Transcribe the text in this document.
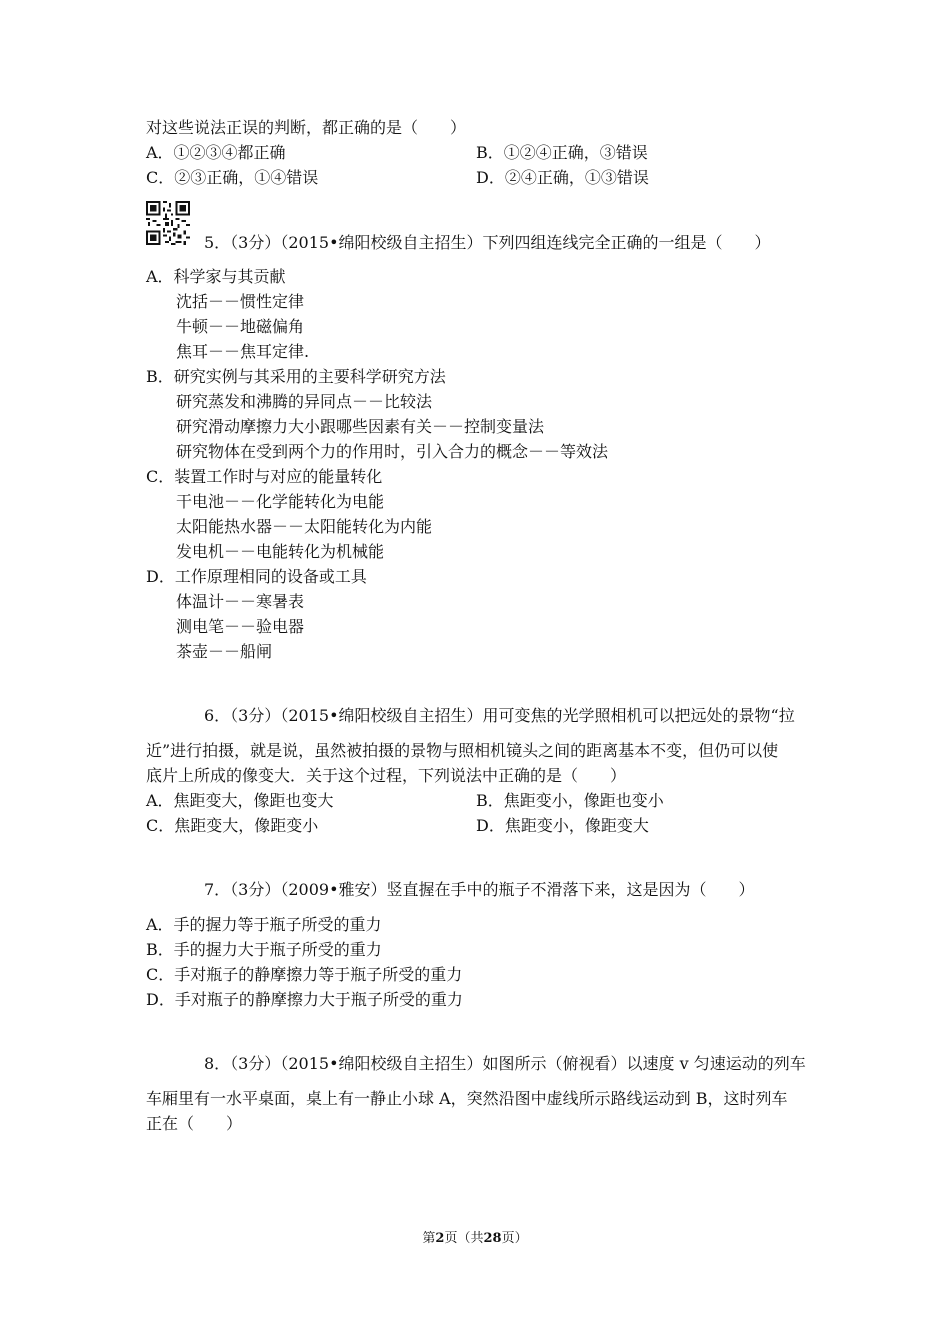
对这些说法正误的判断，都正确的是（　　）
A．①②③④都正确	B．①②④正确，③错误
C．②③正确，①④错误	D．②④正确，①③错误
5．（3分）（2015•绵阳校级自主招生）下列四组连线完全正确的一组是（　　）
A．科学家与其贡献
沈括－－惯性定律
牛顿－－地磁偏角
焦耳－－焦耳定律.
B．研究实例与其采用的主要科学研究方法
研究蒸发和沸腾的异同点－－比较法
研究滑动摩擦力大小跟哪些因素有关－－控制变量法
研究物体在受到两个力的作用时，引入合力的概念－－等效法
C．装置工作时与对应的能量转化
干电池－－化学能转化为电能
太阳能热水器－－太阳能转化为内能
发电机－－电能转化为机械能
D．工作原理相同的设备或工具
体温计－－寒暑表
测电笔－－验电器
茶壶－－船闸
6．（3分）（2015•绵阳校级自主招生）用可变焦的光学照相机可以把远处的景物“拉
近”进行拍摄，就是说，虽然被拍摄的景物与照相机镜头之间的距离基本不变，但仍可以使
底片上所成的像变大．关于这个过程，下列说法中正确的是（　　）
A．焦距变大，像距也变大	B．焦距变小，像距也变小
C．焦距变大，像距变小	D．焦距变小，像距变大
7．（3分）（2009•雅安）竖直握在手中的瓶子不滑落下来，这是因为（　　）
A．手的握力等于瓶子所受的重力
B．手的握力大于瓶子所受的重力
C．手对瓶子的静摩擦力等于瓶子所受的重力
D．手对瓶子的静摩擦力大于瓶子所受的重力
8．（3分）（2015•绵阳校级自主招生）如图所示（俯视看）以速度 v 匀速运动的列车
车厢里有一水平桌面，桌上有一静止小球 A，突然沿图中虚线所示路线运动到 B，这时列车
正在（　　）
第2页（共28页）
